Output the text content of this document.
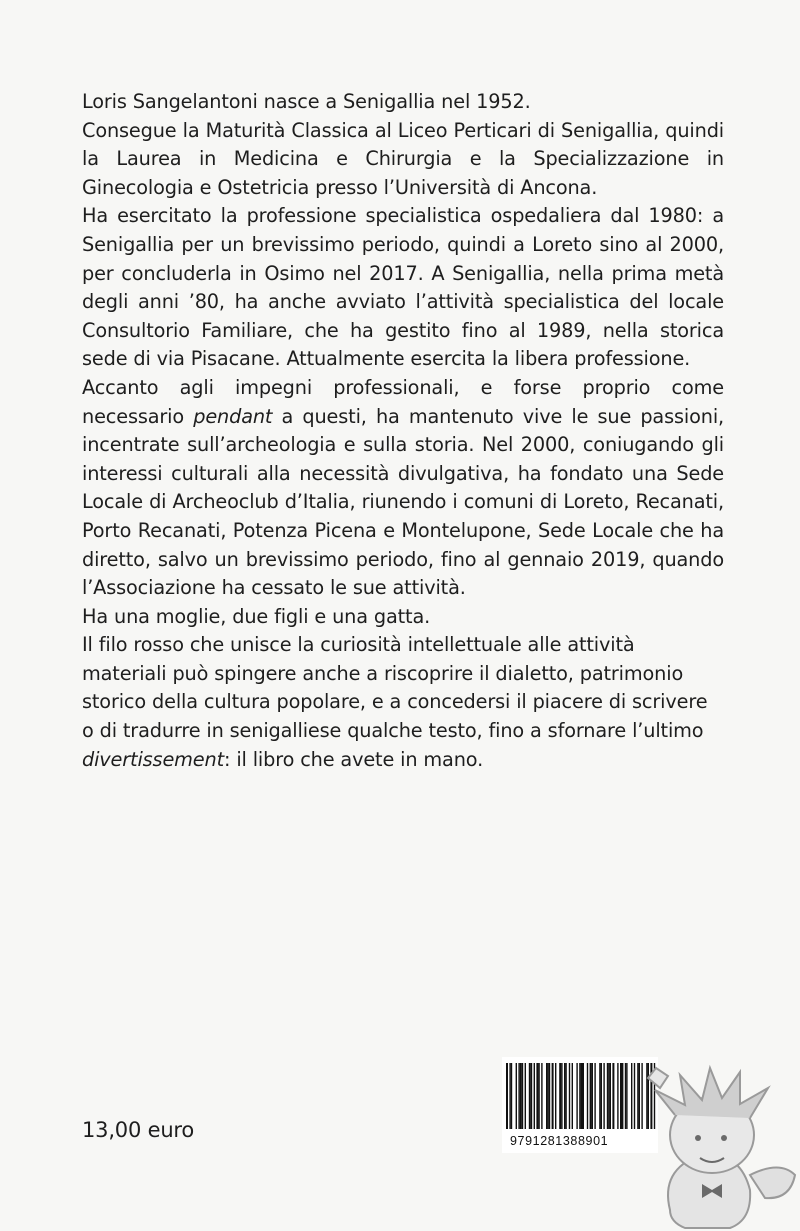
Loris Sangelantoni nasce a Senigallia nel 1952.

Consegue la Maturità Classica al Liceo Perticari di Senigallia, quindi la Laurea in Medicina e Chirurgia e la Specializzazione in Ginecologia e Ostetricia presso l’Università di Ancona.

Ha esercitato la professione specialistica ospedaliera dal 1980: a Senigallia per un brevissimo periodo, quindi a Loreto sino al 2000, per concluderla in Osimo nel 2017. A Senigallia, nella prima metà degli anni ’80, ha anche avviato l’attività specialistica del locale Consultorio Familiare, che ha gestito fino al 1989, nella storica sede di via Pisacane. Attualmente esercita la libera professione.

Accanto agli impegni professionali, e forse proprio come necessario pendant a questi, ha mantenuto vive le sue passioni, incentrate sull’archeologia e sulla storia. Nel 2000, coniugando gli interessi culturali alla necessità divulgativa, ha fondato una Sede Locale di Archeoclub d’Italia, riunendo i comuni di Loreto, Recanati, Porto Recanati, Potenza Picena e Montelupone, Sede Locale che ha diretto, salvo un brevissimo periodo, fino al gennaio 2019, quando l’Associazione ha cessato le sue attività.

Ha una moglie, due figli e una gatta.

Il filo rosso che unisce la curiosità intellettuale alle attività materiali può spingere anche a riscoprire il dialetto, patrimonio storico della cultura popolare, e a concedersi il piacere di scrivere o di tradurre in senigalliese qualche testo, fino a sfornare l’ultimo divertissement: il libro che avete in mano.

13,00 euro	9791281388901
